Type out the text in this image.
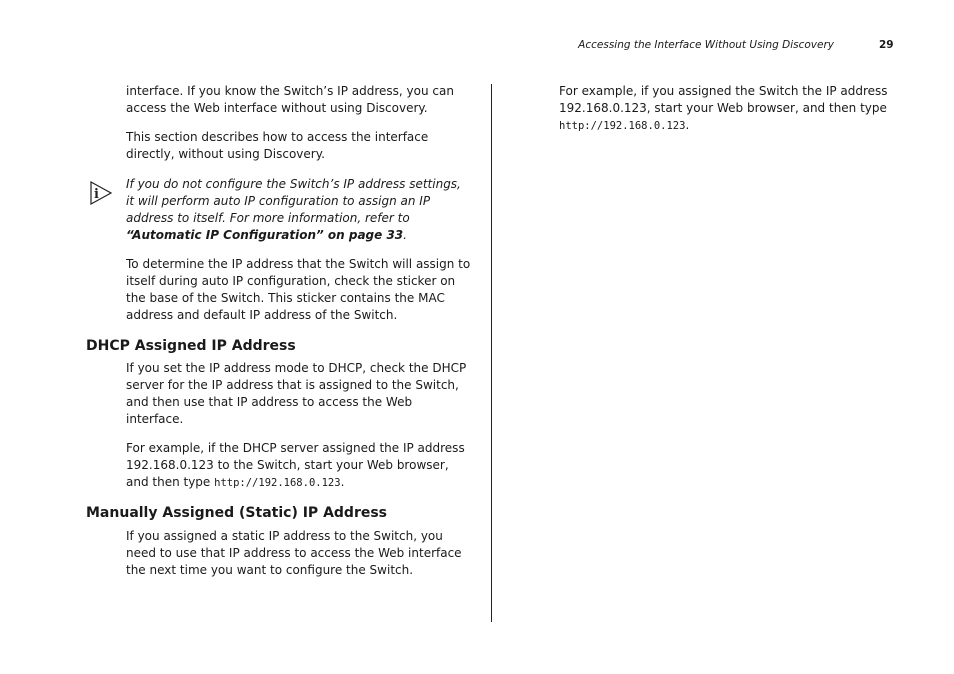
Accessing the Interface Without Using Discovery	29
interface. If you know the Switch’s IP address, you can access the Web interface without using Discovery.
This section describes how to access the interface directly, without using Discovery.
i
If you do not configure the Switch’s IP address settings, it will perform auto IP configuration to assign an IP address to itself. For more information, refer to “Automatic IP Configuration” on page 33.
To determine the IP address that the Switch will assign to itself during auto IP configuration, check the sticker on the base of the Switch. This sticker contains the MAC address and default IP address of the Switch.
DHCP Assigned IP Address
If you set the IP address mode to DHCP, check the DHCP server for the IP address that is assigned to the Switch, and then use that IP address to access the Web interface.
For example, if the DHCP server assigned the IP address 192.168.0.123 to the Switch, start your Web browser, and then type http://192.168.0.123.
Manually Assigned (Static) IP Address
If you assigned a static IP address to the Switch, you need to use that IP address to access the Web interface the next time you want to configure the Switch.

For example, if you assigned the Switch the IP address 192.168.0.123, start your Web browser, and then type http://192.168.0.123.
